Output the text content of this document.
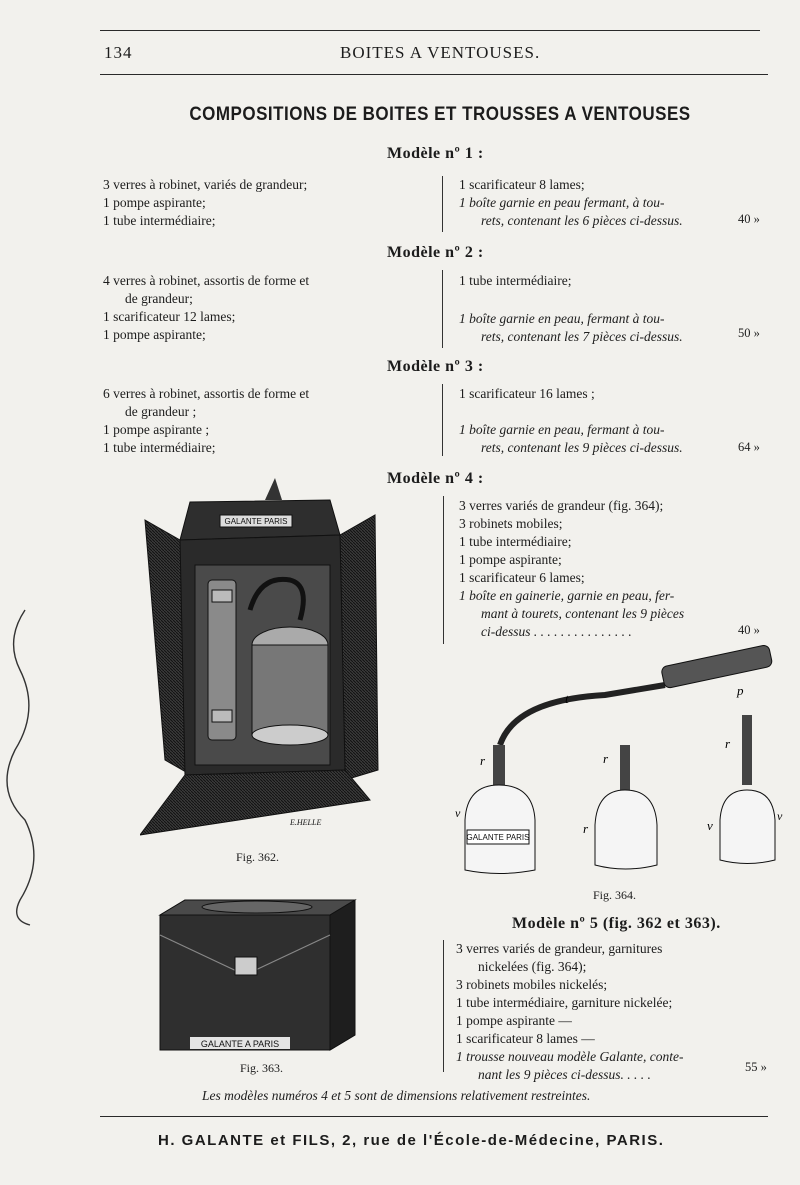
134	BOITES A VENTOUSES.
COMPOSITIONS DE BOITES ET TROUSSES A VENTOUSES
Modèle nº 1 :
3 verres à robinet, variés de grandeur;
1 pompe aspirante;
1 tube intermédiaire;
1 scarificateur 8 lames;
1 boîte garnie en peau fermant, à tou-
rets, contenant les 6 pièces ci-dessus.	40 »
Modèle nº 2 :
4 verres à robinet, assortis de forme et
de grandeur;
1 scarificateur 12 lames;
1 pompe aspirante;
1 tube intermédiaire;
1 boîte garnie en peau, fermant à tou-
rets, contenant les 7 pièces ci-dessus.	50 »
Modèle nº 3 :
6 verres à robinet, assortis de forme et
de grandeur ;
1 pompe aspirante ;
1 tube intermédiaire;
1 scarificateur 16 lames ;
1 boîte garnie en peau, fermant à tou-
rets, contenant les 9 pièces ci-dessus.	64 »
Modèle nº 4 :
3 verres variés de grandeur (fig. 364);
3 robinets mobiles;
1 tube intermédiaire;
1 pompe aspirante;
1 scarificateur 6 lames;
1 boîte en gainerie, garnie en peau, fer-
mant à tourets, contenant les 9 pièces
ci-dessus . . . . . . . . . . . . . . .	40 »
GALANTE PARIS
E.HELLE
Fig. 362.
GALANTE A PARIS
Fig. 363.
GALANTE PARIS
t
p
r
r
r
r
v
v
v
Fig. 364.
Modèle nº 5 (fig. 362 et 363).
3 verres variés de grandeur, garnitures
nickelées (fig. 364);
3 robinets mobiles nickelés;
1 tube intermédiaire, garniture nickelée;
1 pompe aspirante —
1 scarificateur 8 lames —
1 trousse nouveau modèle Galante, conte-
nant les 9 pièces ci-dessus. . . . .	55 »
Les modèles numéros 4 et 5 sont de dimensions relativement restreintes.
H. GALANTE et FILS, 2, rue de l'École-de-Médecine, PARIS.
